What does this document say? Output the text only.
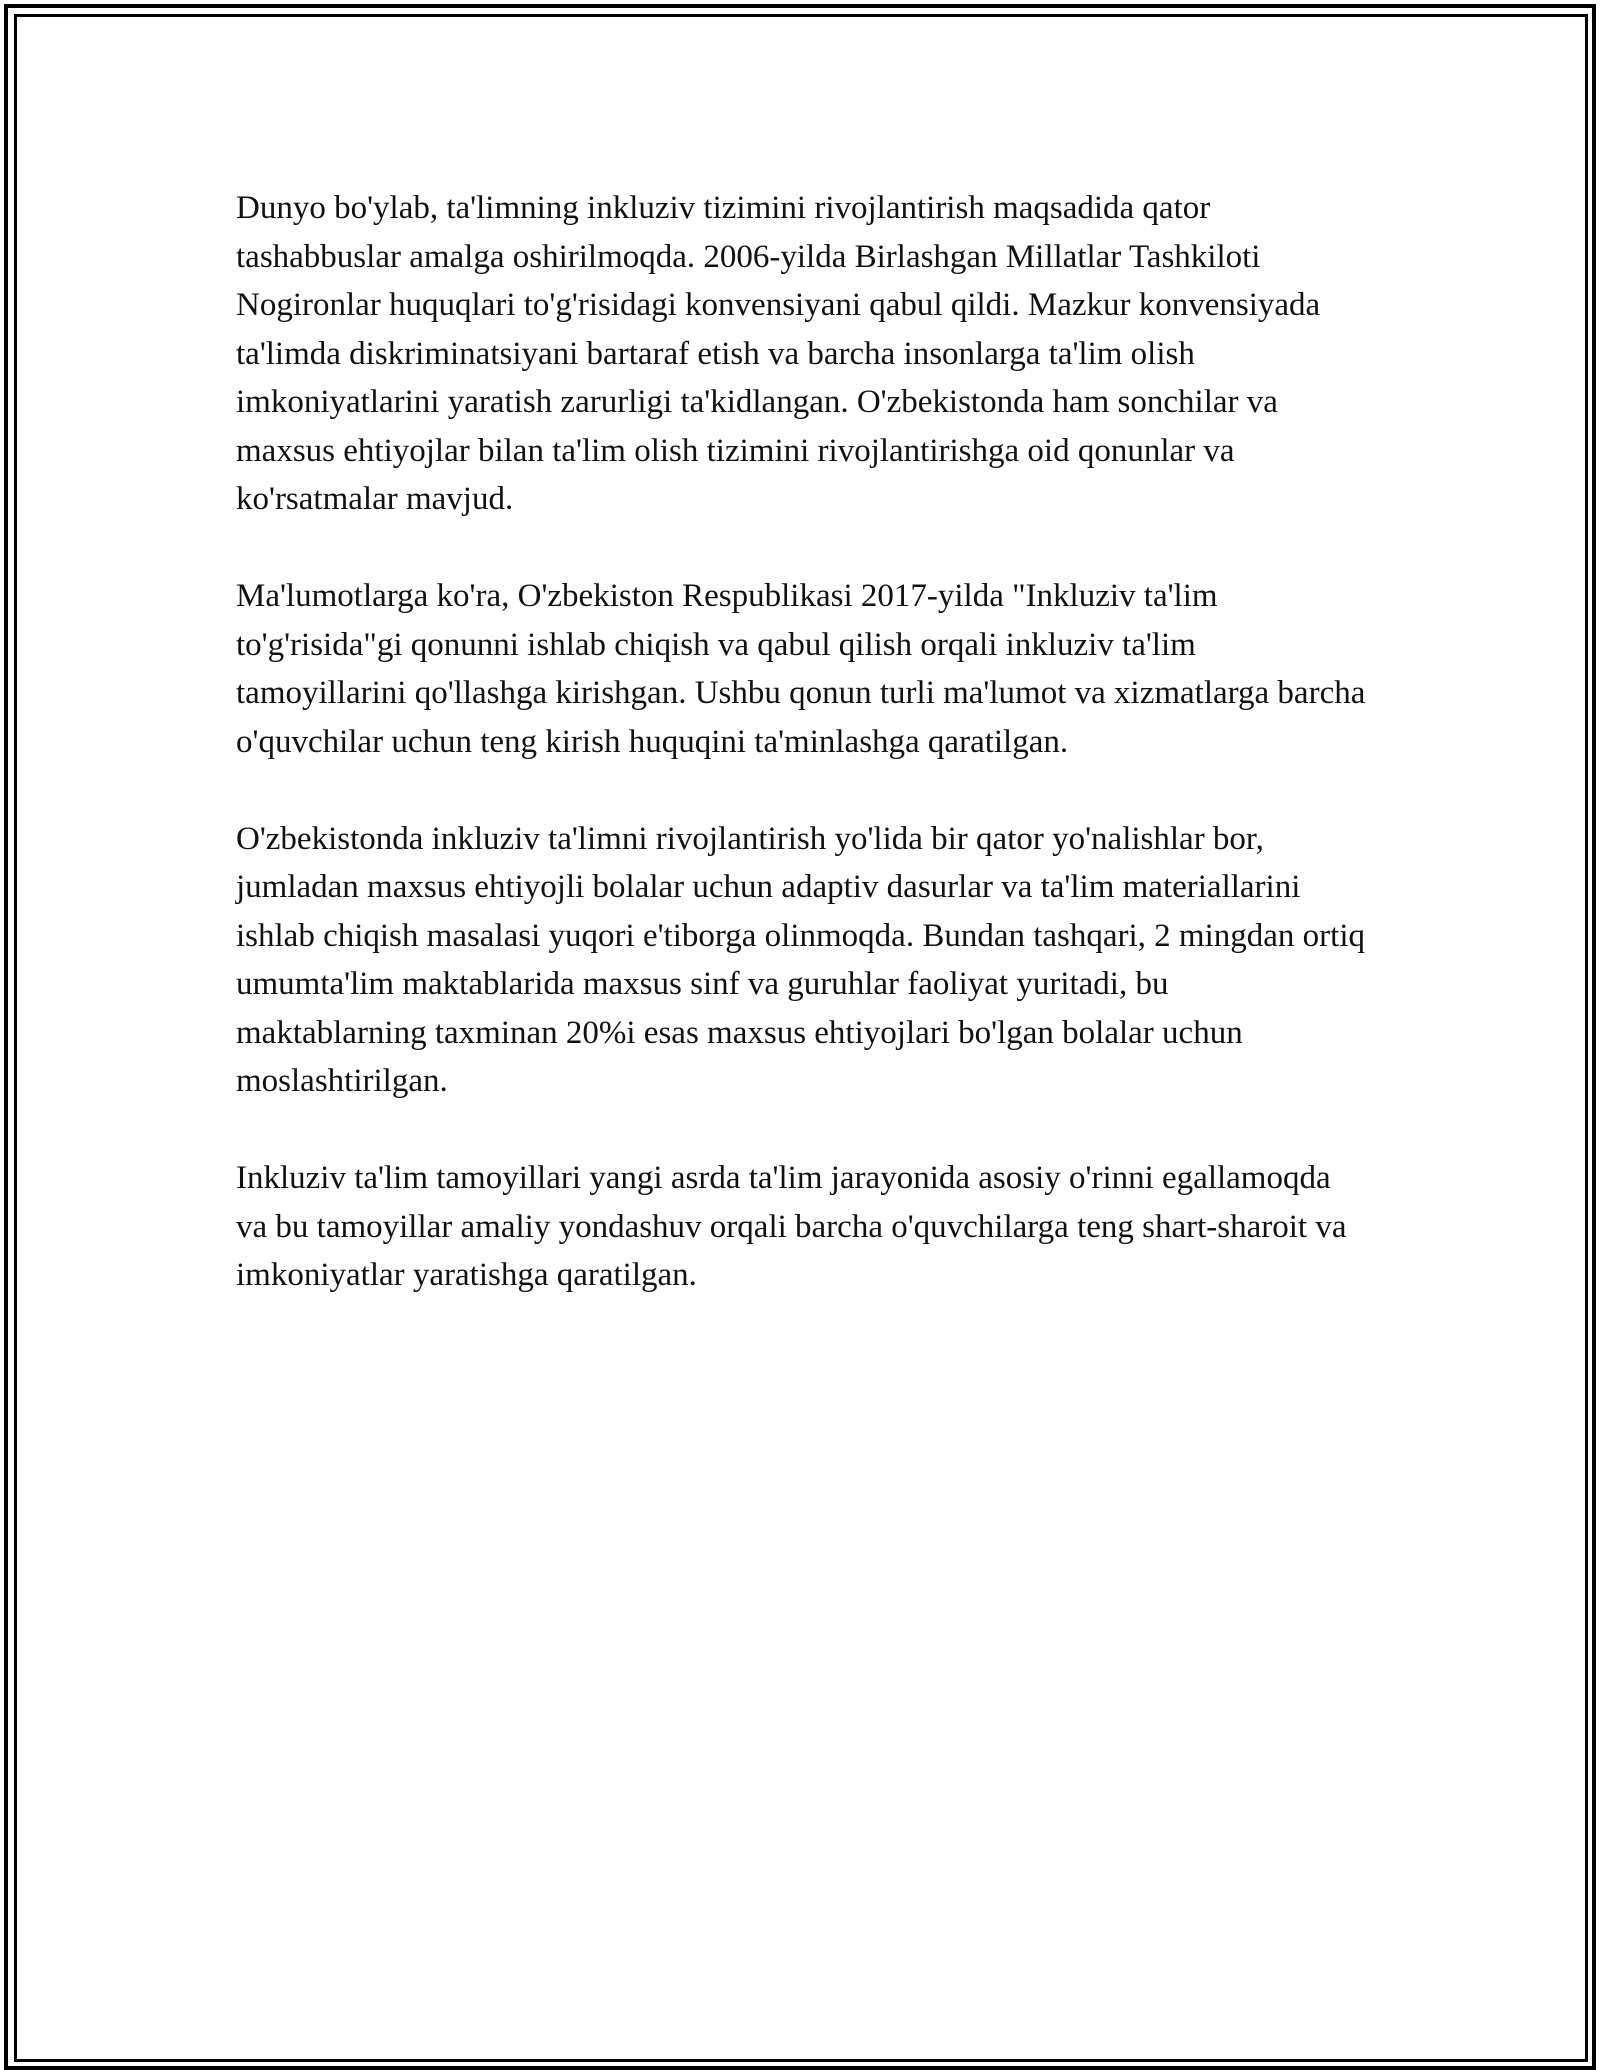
Dunyo bo'ylab, ta'limning inkluziv tizimini rivojlantirish maqsadida qator tashabbuslar amalga oshirilmoqda. 2006-yilda Birlashgan Millatlar Tashkiloti Nogironlar huquqlari to'g'risidagi konvensiyani qabul qildi. Mazkur konvensiyada ta'limda diskriminatsiyani bartaraf etish va barcha insonlarga ta'lim olish imkoniyatlarini yaratish zarurligi ta'kidlangan. O'zbekistonda ham sonchilar va maxsus ehtiyojlar bilan ta'lim olish tizimini rivojlantirishga oid qonunlar va ko'rsatmalar mavjud.

Ma'lumotlarga ko'ra, O'zbekiston Respublikasi 2017-yilda "Inkluziv ta'lim to'g'risida"gi qonunni ishlab chiqish va qabul qilish orqali inkluziv ta'lim tamoyillarini qo'llashga kirishgan. Ushbu qonun turli ma'lumot va xizmatlarga barcha o'quvchilar uchun teng kirish huquqini ta'minlashga qaratilgan.

O'zbekistonda inkluziv ta'limni rivojlantirish yo'lida bir qator yo'nalishlar bor, jumladan maxsus ehtiyojli bolalar uchun adaptiv dasurlar va ta'lim materiallarini ishlab chiqish masalasi yuqori e'tiborga olinmoqda. Bundan tashqari, 2 mingdan ortiq umumta'lim maktablarida maxsus sinf va guruhlar faoliyat yuritadi, bu maktablarning taxminan 20%i esas maxsus ehtiyojlari bo'lgan bolalar uchun moslashtirilgan.

Inkluziv ta'lim tamoyillari yangi asrda ta'lim jarayonida asosiy o'rinni egallamoqda va bu tamoyillar amaliy yondashuv orqali barcha o'quvchilarga teng shart-sharoit va imkoniyatlar yaratishga qaratilgan.
